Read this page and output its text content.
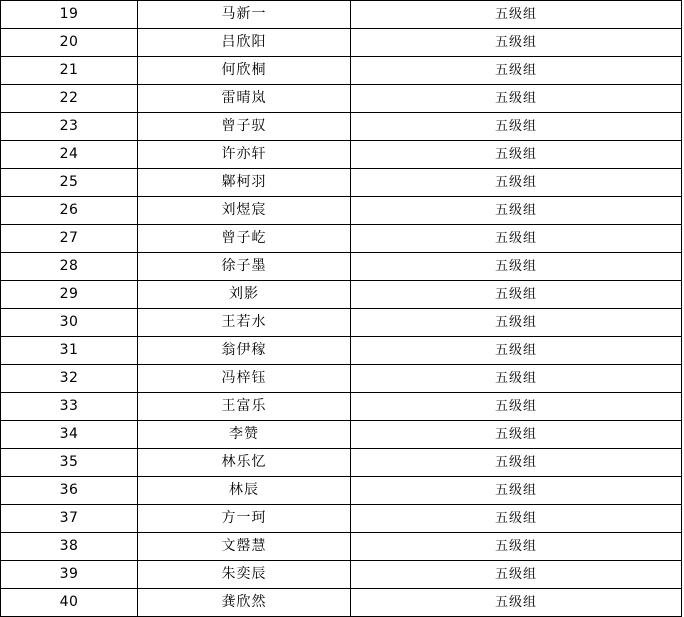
19	马新一	五级组
20	吕欣阳	五级组
21	何欣桐	五级组
22	雷晴岚	五级组
23	曾子驭	五级组
24	许亦轩	五级组
25	鄡柯羽	五级组
26	刘煜宸	五级组
27	曾子屹	五级组
28	徐子墨	五级组
29	刘影	五级组
30	王若水	五级组
31	翁伊稼	五级组
32	冯梓钰	五级组
33	王富乐	五级组
34	李赞	五级组
35	林乐忆	五级组
36	林辰	五级组
37	方一珂	五级组
38	文罄慧	五级组
39	朱奕辰	五级组
40	龚欣然	五级组
